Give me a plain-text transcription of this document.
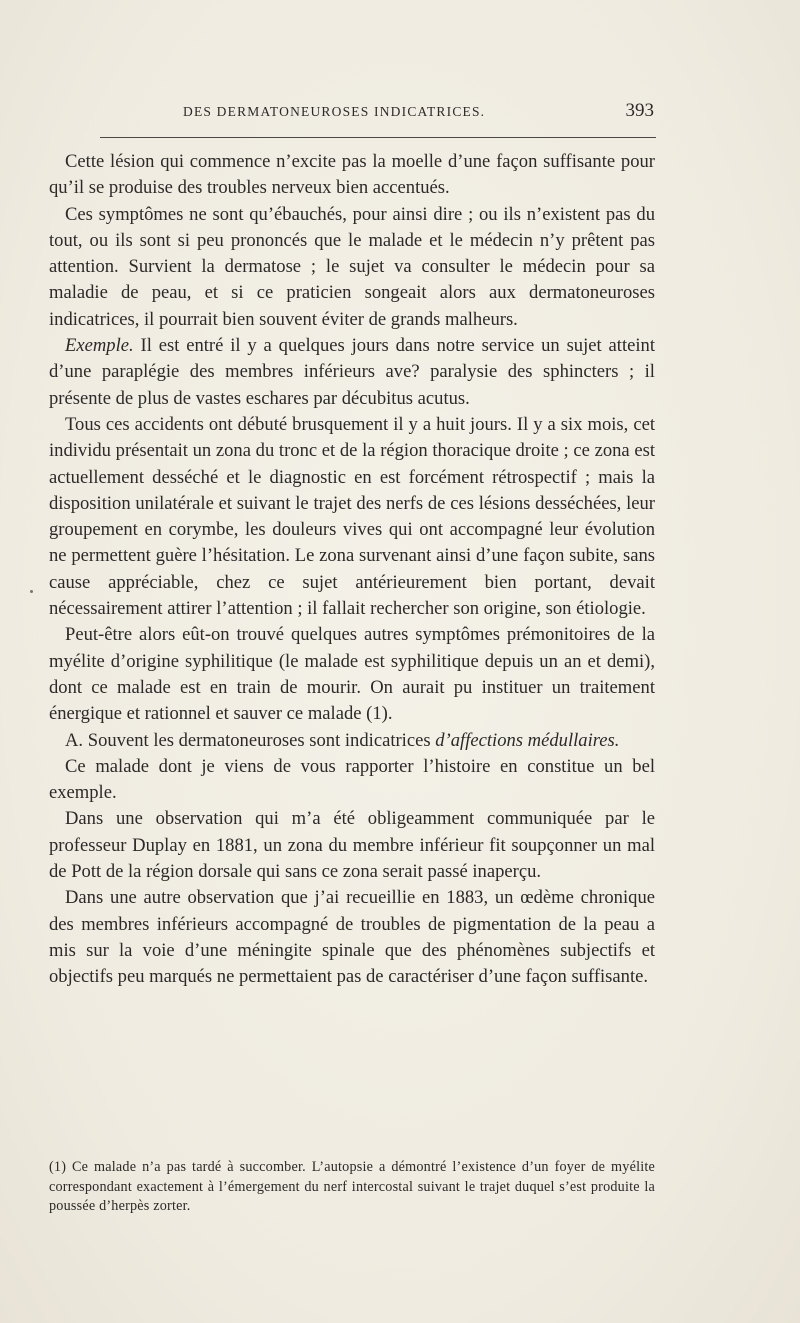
DES DERMATONEUROSES INDICATRICES.	393

Cette lésion qui commence n’excite pas la moelle d’une façon suffisante pour qu’il se produise des troubles nerveux bien accentués.

Ces symptômes ne sont qu’ébauchés, pour ainsi dire ; ou ils n’existent pas du tout, ou ils sont si peu prononcés que le malade et le médecin n’y prêtent pas attention. Survient la dermatose ; le sujet va consulter le médecin pour sa maladie de peau, et si ce praticien songeait alors aux dermatoneuroses indicatrices, il pourrait bien souvent éviter de grands malheurs.

Exemple. Il est entré il y a quelques jours dans notre service un sujet atteint d’une paraplégie des membres inférieurs ave? paralysie des sphincters ; il présente de plus de vastes eschares par décubitus acutus.

Tous ces accidents ont débuté brusquement il y a huit jours. Il y a six mois, cet individu présentait un zona du tronc et de la région thoracique droite ; ce zona est actuellement desséché et le diagnostic en est forcément rétrospectif ; mais la disposition unilatérale et suivant le trajet des nerfs de ces lésions desséchées, leur groupement en corymbe, les douleurs vives qui ont accompagné leur évolution ne permettent guère l’hésitation. Le zona survenant ainsi d’une façon subite, sans cause appréciable, chez ce sujet antérieurement bien portant, devait nécessairement attirer l’attention ; il fallait rechercher son origine, son étiologie.

Peut-être alors eût-on trouvé quelques autres symptômes prémonitoires de la myélite d’origine syphilitique (le malade est syphilitique depuis un an et demi), dont ce malade est en train de mourir. On aurait pu instituer un traitement énergique et rationnel et sauver ce malade (1).

A. Souvent les dermatoneuroses sont indicatrices d’affections médullaires.

Ce malade dont je viens de vous rapporter l’histoire en constitue un bel exemple.

Dans une observation qui m’a été obligeamment communiquée par le professeur Duplay en 1881, un zona du membre inférieur fit soupçonner un mal de Pott de la région dorsale qui sans ce zona serait passé inaperçu.

Dans une autre observation que j’ai recueillie en 1883, un œdème chronique des membres inférieurs accompagné de troubles de pigmentation de la peau a mis sur la voie d’une méningite spinale que des phénomènes subjectifs et objectifs peu marqués ne permettaient pas de caractériser d’une façon suffisante.

(1) Ce malade n’a pas tardé à succomber. L’autopsie a démontré l’existence d’un foyer de myélite correspondant exactement à l’émergement du nerf intercostal suivant le trajet duquel s’est produite la poussée d’herpès zorter.
